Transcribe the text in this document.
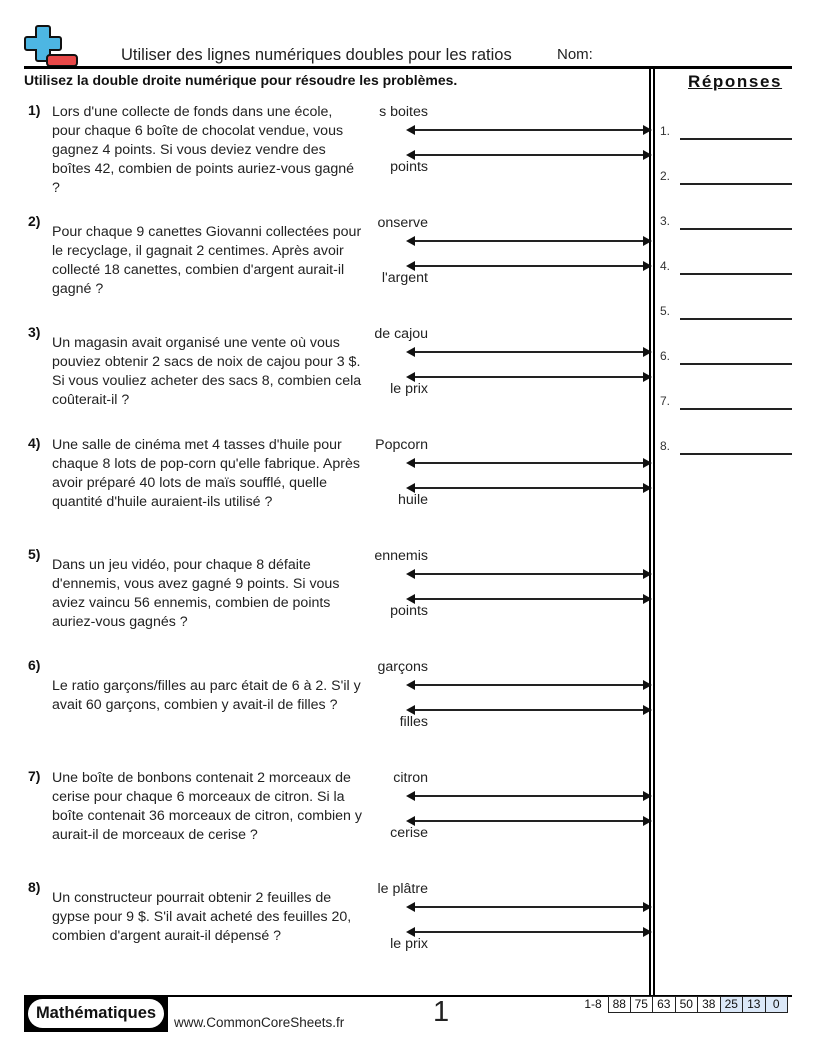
Utiliser des lignes numériques doubles pour les ratios	Nom:
Utilisez la double droite numérique pour résoudre les problèmes.	Réponses
1) Lors d'une collecte de fonds dans une école, pour chaque 6 boîte de chocolat vendue, vous gagnez 4 points. Si vous deviez vendre des boîtes 42, combien de points auriez-vous gagné ?
s boites
points
2)
Pour chaque 9 canettes Giovanni collectées pour le recyclage, il gagnait 2 centimes. Après avoir collecté 18 canettes, combien d'argent aurait-il gagné ?
onserve
l'argent
3)
Un magasin avait organisé une vente où vous pouviez obtenir 2 sacs de noix de cajou pour 3 $. Si vous vouliez acheter des sacs 8, combien cela coûterait-il ?
de cajou
le prix
4) Une salle de cinéma met 4 tasses d'huile pour chaque 8 lots de pop-corn qu'elle fabrique. Après avoir préparé 40 lots de maïs soufflé, quelle quantité d'huile auraient-ils utilisé ?
Popcorn
huile
5)
Dans un jeu vidéo, pour chaque 8 défaite d'ennemis, vous avez gagné 9 points. Si vous aviez vaincu 56 ennemis, combien de points auriez-vous gagnés ?
ennemis
points
6)
Le ratio garçons/filles au parc était de 6 à 2. S'il y avait 60 garçons, combien y avait-il de filles ?
garçons
filles
7) Une boîte de bonbons contenait 2 morceaux de cerise pour chaque 6 morceaux de citron. Si la boîte contenait 36 morceaux de citron, combien y aurait-il de morceaux de cerise ?
citron
cerise
8)
Un constructeur pourrait obtenir 2 feuilles de gypse pour 9 $. S'il avait acheté des feuilles 20, combien d'argent aurait-il dépensé ?
le plâtre
le prix
1.
2.
3.
4.
5.
6.
7.
8.
Mathématiques
www.CommonCoreSheets.fr	1	1-8 88 75 63 50 38 25 13	0
